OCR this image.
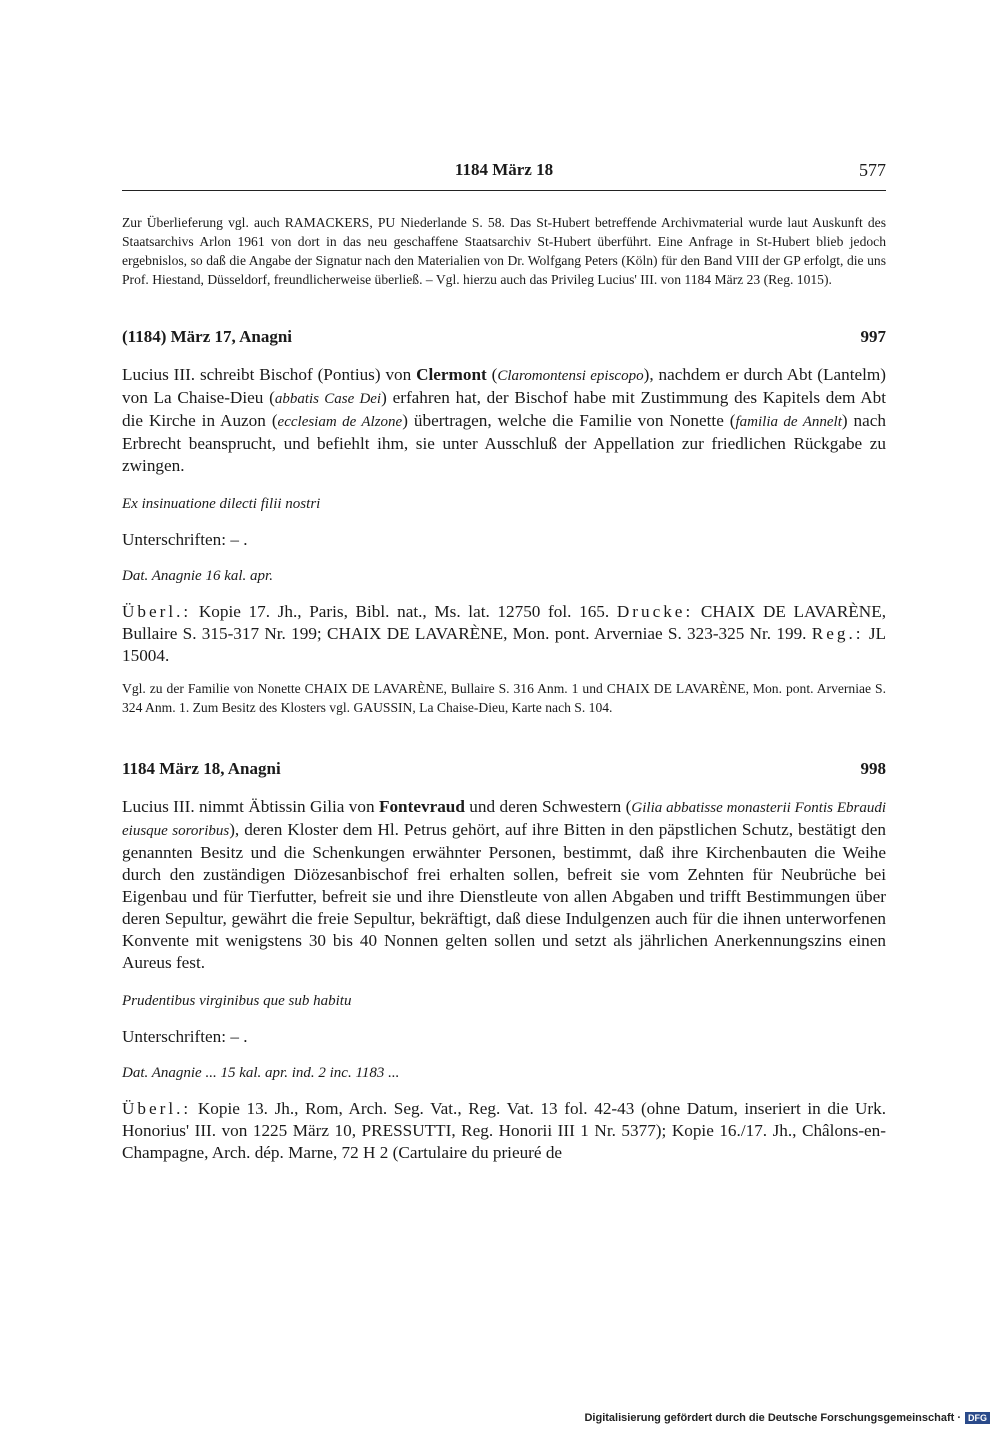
1184 März 18	577

Zur Überlieferung vgl. auch RAMACKERS, PU Niederlande S. 58. Das St-Hubert betreffende Archivmaterial wurde laut Auskunft des Staatsarchivs Arlon 1961 von dort in das neu geschaffene Staatsarchiv St-Hubert überführt. Eine Anfrage in St-Hubert blieb jedoch ergebnislos, so daß die Angabe der Signatur nach den Materialien von Dr. Wolfgang Peters (Köln) für den Band VIII der GP erfolgt, die uns Prof. Hiestand, Düsseldorf, freundlicherweise überließ. – Vgl. hierzu auch das Privileg Lucius' III. von 1184 März 23 (Reg. 1015).

(1184) März 17, Anagni	997

Lucius III. schreibt Bischof (Pontius) von Clermont (Claromontensi episcopo), nachdem er durch Abt (Lantelm) von La Chaise-Dieu (abbatis Case Dei) erfahren hat, der Bischof habe mit Zustimmung des Kapitels dem Abt die Kirche in Auzon (ecclesiam de Alzone) übertragen, welche die Familie von Nonette (familia de Annelt) nach Erbrecht beansprucht, und befiehlt ihm, sie unter Ausschluß der Appellation zur friedlichen Rückgabe zu zwingen.

Ex insinuatione dilecti filii nostri

Unterschriften: – .

Dat. Anagnie 16 kal. apr.

Überl.: Kopie 17. Jh., Paris, Bibl. nat., Ms. lat. 12750 fol. 165. Drucke: CHAIX DE LAVARÈNE, Bullaire S. 315-317 Nr. 199; CHAIX DE LAVARÈNE, Mon. pont. Arverniae S. 323-325 Nr. 199. Reg.: JL 15004.

Vgl. zu der Familie von Nonette CHAIX DE LAVARÈNE, Bullaire S. 316 Anm. 1 und CHAIX DE LAVARÈNE, Mon. pont. Arverniae S. 324 Anm. 1. Zum Besitz des Klosters vgl. GAUSSIN, La Chaise-Dieu, Karte nach S. 104.

1184 März 18, Anagni	998

Lucius III. nimmt Äbtissin Gilia von Fontevraud und deren Schwestern (Gilia abbatisse monasterii Fontis Ebraudi eiusque sororibus), deren Kloster dem Hl. Petrus gehört, auf ihre Bitten in den päpstlichen Schutz, bestätigt den genannten Besitz und die Schenkungen erwähnter Personen, bestimmt, daß ihre Kirchenbauten die Weihe durch den zuständigen Diözesanbischof frei erhalten sollen, befreit sie vom Zehnten für Neubrüche bei Eigenbau und für Tierfutter, befreit sie und ihre Dienstleute von allen Abgaben und trifft Bestimmungen über deren Sepultur, gewährt die freie Sepultur, bekräftigt, daß diese Indulgenzen auch für die ihnen unterworfenen Konvente mit wenigstens 30 bis 40 Nonnen gelten sollen und setzt als jährlichen Anerkennungszins einen Aureus fest.

Prudentibus virginibus que sub habitu

Unterschriften: – .

Dat. Anagnie ... 15 kal. apr. ind. 2 inc. 1183 ...

Überl.: Kopie 13. Jh., Rom, Arch. Seg. Vat., Reg. Vat. 13 fol. 42-43 (ohne Datum, inseriert in die Urk. Honorius' III. von 1225 März 10, PRESSUTTI, Reg. Honorii III 1 Nr. 5377); Kopie 16./17. Jh., Châlons-en-Champagne, Arch. dép. Marne, 72 H 2 (Cartulaire du prieuré de

Digitalisierung gefördert durch die Deutsche Forschungsgemeinschaft · DFG
